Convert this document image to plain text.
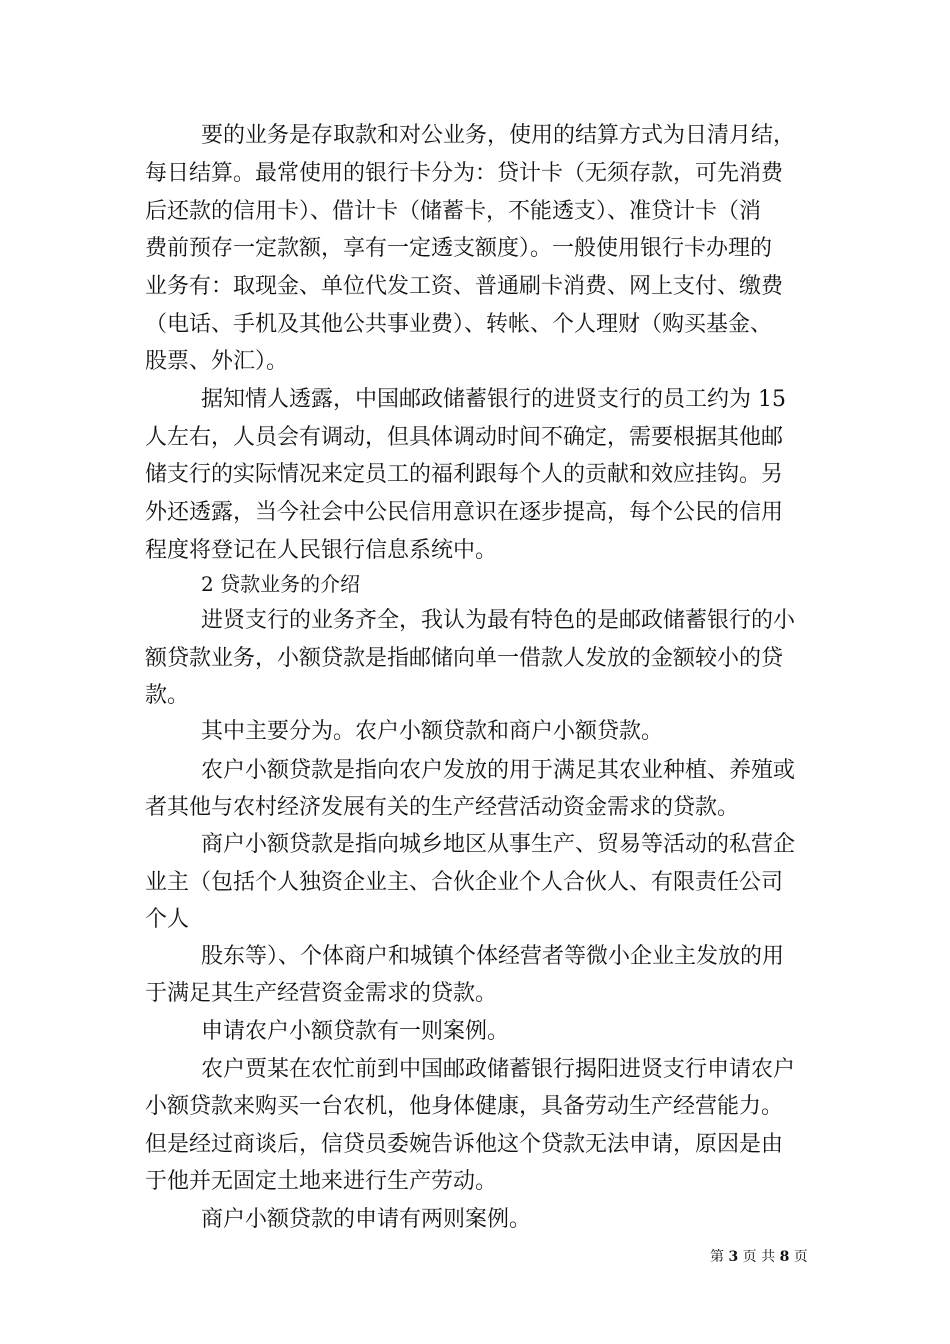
要的业务是存取款和对公业务，使用的结算方式为日清月结，
每日结算。最常使用的银行卡分为：贷计卡（无须存款，可先消费
后还款的信用卡）、借计卡（储蓄卡，不能透支）、准贷计卡（消
费前预存一定款额，享有一定透支额度）。一般使用银行卡办理的
业务有：取现金、单位代发工资、普通刷卡消费、网上支付、缴费
（电话、手机及其他公共事业费）、转帐、个人理财（购买基金、
股票、外汇）。
据知情人透露，中国邮政储蓄银行的进贤支行的员工约为 15
人左右，人员会有调动，但具体调动时间不确定，需要根据其他邮
储支行的实际情况来定员工的福利跟每个人的贡献和效应挂钩。另
外还透露，当今社会中公民信用意识在逐步提高，每个公民的信用
程度将登记在人民银行信息系统中。
2 贷款业务的介绍
进贤支行的业务齐全，我认为最有特色的是邮政储蓄银行的小
额贷款业务，小额贷款是指邮储向单一借款人发放的金额较小的贷
款。
其中主要分为。农户小额贷款和商户小额贷款。
农户小额贷款是指向农户发放的用于满足其农业种植、养殖或
者其他与农村经济发展有关的生产经营活动资金需求的贷款。
商户小额贷款是指向城乡地区从事生产、贸易等活动的私营企
业主（包括个人独资企业主、合伙企业个人合伙人、有限责任公司
个人
股东等）、个体商户和城镇个体经营者等微小企业主发放的用
于满足其生产经营资金需求的贷款。
申请农户小额贷款有一则案例。
农户贾某在农忙前到中国邮政储蓄银行揭阳进贤支行申请农户
小额贷款来购买一台农机，他身体健康，具备劳动生产经营能力。
但是经过商谈后，信贷员委婉告诉他这个贷款无法申请，原因是由
于他并无固定土地来进行生产劳动。
商户小额贷款的申请有两则案例。
第 3 页 共 8 页
